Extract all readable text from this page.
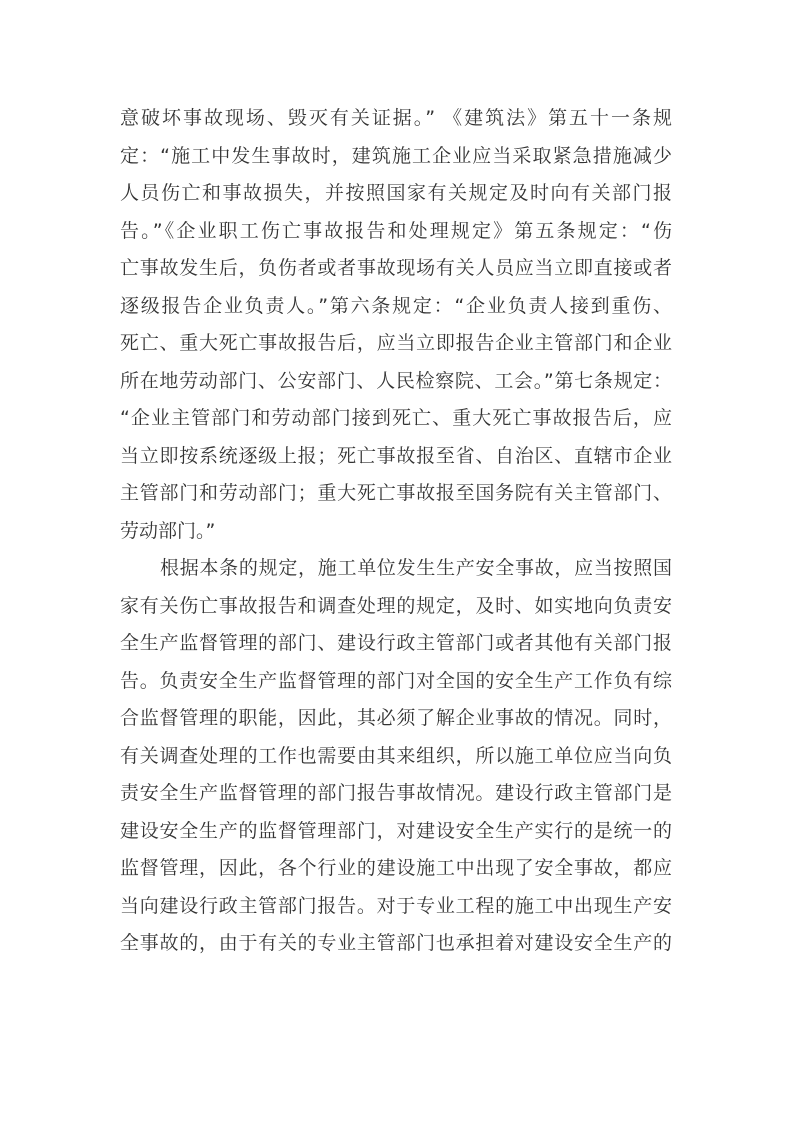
意破坏事故现场、毁灭有关证据。” 《建筑法》第五十一条规
定：“施工中发生事故时，建筑施工企业应当采取紧急措施减少
人员伤亡和事故损失，并按照国家有关规定及时向有关部门报
告。”《企业职工伤亡事故报告和处理规定》第五条规定：“伤
亡事故发生后，负伤者或者事故现场有关人员应当立即直接或者
逐级报告企业负责人。”第六条规定：“企业负责人接到重伤、
死亡、重大死亡事故报告后，应当立即报告企业主管部门和企业
所在地劳动部门、公安部门、人民检察院、工会。”第七条规定：
“企业主管部门和劳动部门接到死亡、重大死亡事故报告后，应
当立即按系统逐级上报；死亡事故报至省、自治区、直辖市企业
主管部门和劳动部门；重大死亡事故报至国务院有关主管部门、
劳动部门。”
根据本条的规定，施工单位发生生产安全事故，应当按照国
家有关伤亡事故报告和调查处理的规定，及时、如实地向负责安
全生产监督管理的部门、建设行政主管部门或者其他有关部门报
告。负责安全生产监督管理的部门对全国的安全生产工作负有综
合监督管理的职能，因此，其必须了解企业事故的情况。同时，
有关调查处理的工作也需要由其来组织，所以施工单位应当向负
责安全生产监督管理的部门报告事故情况。建设行政主管部门是
建设安全生产的监督管理部门，对建设安全生产实行的是统一的
监督管理，因此，各个行业的建设施工中出现了安全事故，都应
当向建设行政主管部门报告。对于专业工程的施工中出现生产安
全事故的，由于有关的专业主管部门也承担着对建设安全生产的
